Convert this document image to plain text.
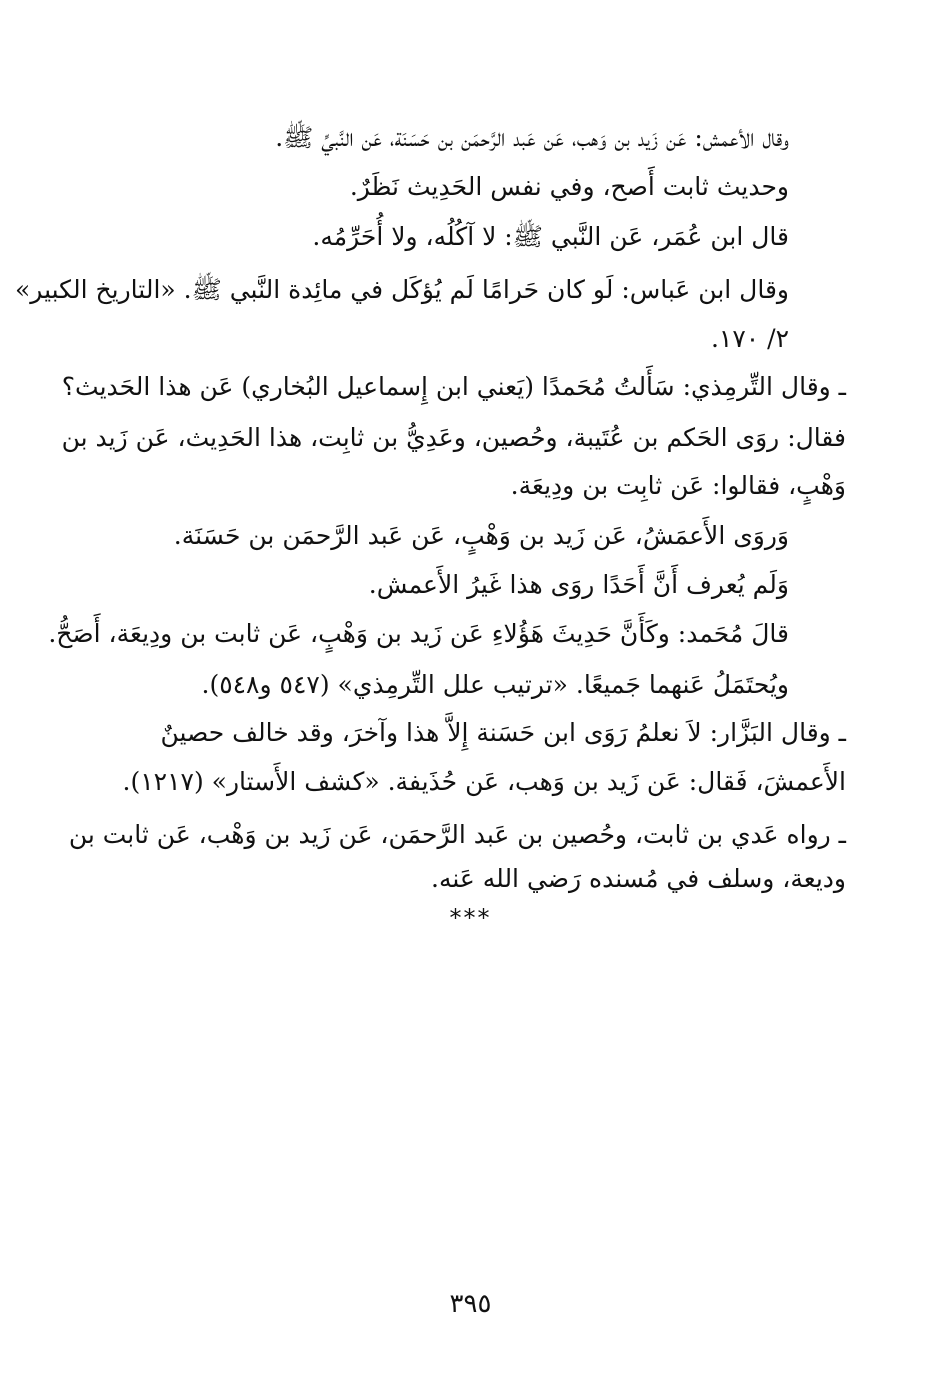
وقال الأعمش: عَن زَيد بن وَهب، عَن عَبد الرَّحمَن بن حَسَنَة، عَن النَّبيِّ ﷺ.
وحديث ثابت أَصح، وفي نفس الحَدِيث نَظَرٌ.
قال ابن عُمَر، عَن النَّبي ﷺ: لا آكُلُه، ولا أُحَرِّمُه.
وقال ابن عَباس: لَو كان حَرامًا لَم يُؤكَل في مائِدة النَّبي ﷺ. «التاريخ الكبير»
٢/ ١٧٠.
ـ وقال التِّرمِذي: سَأَلتُ مُحَمدًا (يَعني ابن إِسماعيل البُخاري) عَن هذا الحَديث؟
فقال: روَى الحَكم بن عُتَيبة، وحُصين، وعَدِيُّ بن ثابِت، هذا الحَدِيث، عَن زَيد بن
وَهْبٍ، فقالوا: عَن ثابِت بن ودِيعَة.
وَروَى الأَعمَشُ، عَن زَيد بن وَهْبٍ، عَن عَبد الرَّحمَن بن حَسَنَة.
وَلَم يُعرف أَنَّ أَحَدًا روَى هذا غَيرُ الأَعمش.
قالَ مُحَمد: وكَأَنَّ حَدِيثَ هَؤُلاءِ عَن زَيد بن وَهْبٍ، عَن ثابت بن ودِيعَة، أَصَحُّ.
ويُحتَمَلُ عَنهما جَميعًا. «ترتيب علل التِّرمِذي» (٥٤٧ و٥٤٨).
ـ وقال البَزَّار: لاَ نعلمُ رَوَى ابن حَسَنة إِلاَّ هذا وآخرَ، وقد خالف حصينٌ
الأَعمشَ، فَقال: عَن زَيد بن وَهب، عَن حُذَيفة. «كشف الأَستار» (١٢١٧).
ـ رواه عَدي بن ثابت، وحُصين بن عَبد الرَّحمَن، عَن زَيد بن وَهْب، عَن ثابت بن
وديعة، وسلف في مُسنده رَضي الله عَنه.
***
٣٩٥
